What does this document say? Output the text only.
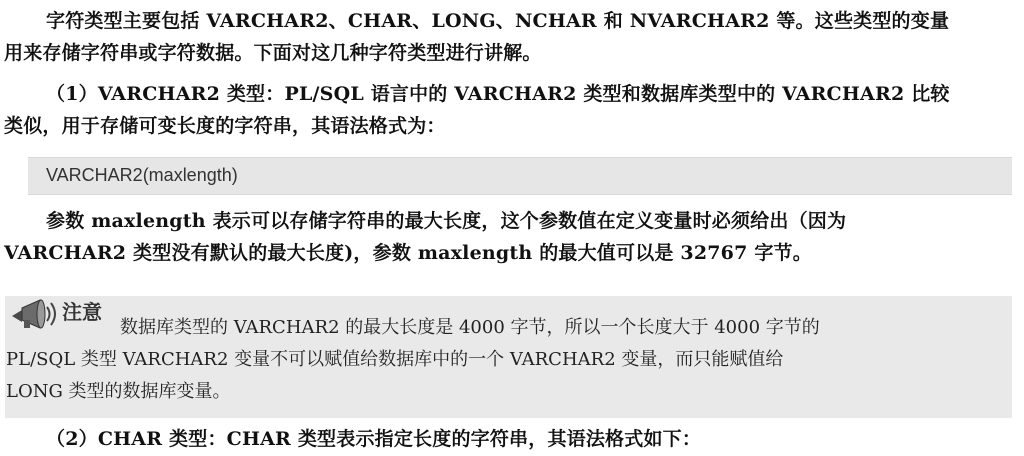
字符类型主要包括 VARCHAR2、CHAR、LONG、NCHAR 和 NVARCHAR2 等。这些类型的变量
用来存储字符串或字符数据。下面对这几种字符类型进行讲解。
（1）VARCHAR2 类型：PL/SQL 语言中的 VARCHAR2 类型和数据库类型中的 VARCHAR2 比较
类似，用于存储可变长度的字符串，其语法格式为：
VARCHAR2(maxlength)
参数 maxlength 表示可以存储字符串的最大长度，这个参数值在定义变量时必须给出（因为
VARCHAR2 类型没有默认的最大长度)，参数 maxlength 的最大值可以是 32767 字节。
注意
数据库类型的 VARCHAR2 的最大长度是 4000 字节，所以一个长度大于 4000 字节的
PL/SQL 类型 VARCHAR2 变量不可以赋值给数据库中的一个 VARCHAR2 变量，而只能赋值给
LONG 类型的数据库变量。
（2）CHAR 类型：CHAR 类型表示指定长度的字符串，其语法格式如下：
